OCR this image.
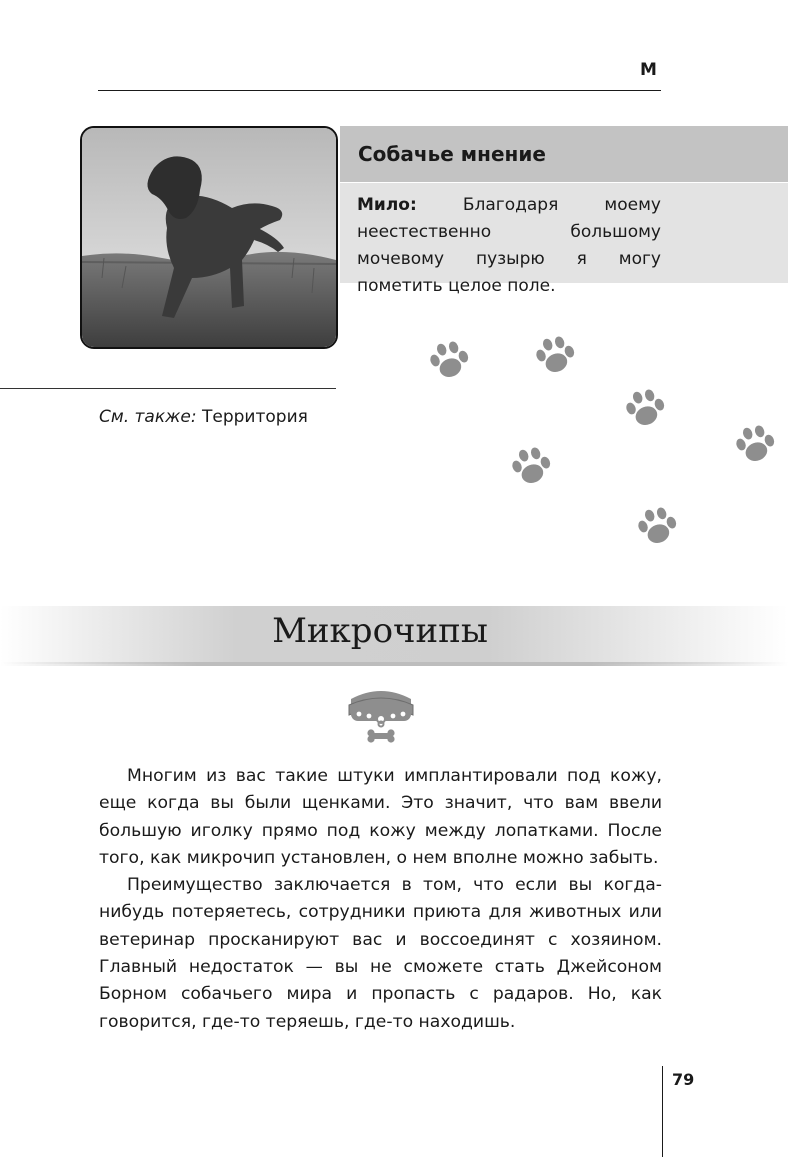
М
Собачье мнение
Мило: Благодаря моему неестественно большому мочевому пузырю я могу пометить целое поле.
См. также: Территория
Микрочипы

Многим из вас такие штуки имплантировали под кожу, еще когда вы были щенками. Это значит, что вам ввели большую иголку прямо под кожу между лопатками. После того, как микрочип установлен, о нем вполне можно забыть.

Преимущество заключается в том, что если вы когда-нибудь потеряетесь, сотрудники приюта для животных или ветеринар просканируют вас и воссоединят с хозяином. Главный недостаток — вы не сможете стать Джейсоном Борном собачьего мира и пропасть с радаров. Но, как говорится, где-то теряешь, где-то находишь.

79
